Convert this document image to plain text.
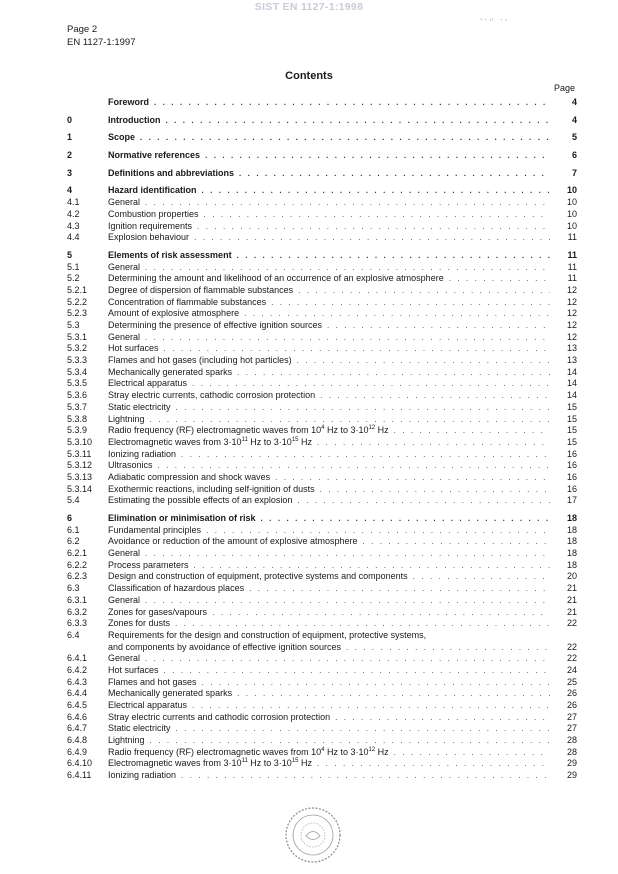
SIST EN 1127-1:1998
Page 2
EN 1127-1:1997
⸱ · ‧⸱   · ‧
Contents
Page
Foreword . . .	4
0	Introduction . . .	4
1	Scope . . .	5
2	Normative references . . .	6
3	Definitions and abbreviations . . .	7
4	Hazard identification . . .	10
4.1	General . . .	10
4.2	Combustion properties . . .	10
4.3	Ignition requirements . . .	10
4.4	Explosion behaviour . . .	11
5	Elements of risk assessment . . .	11
5.1	General . . .	11
5.2	Determining the amount and likelihood of an occurrence of an explosive atmosphere . . .	11
5.2.1	Degree of dispersion of flammable substances . . .	12
5.2.2	Concentration of flammable substances . . .	12
5.2.3	Amount of explosive atmosphere . . .	12
5.3	Determining the presence of effective ignition sources . . .	12
5.3.1	General . . .	12
5.3.2	Hot surfaces . . .	13
5.3.3	Flames and hot gases (including hot particles) . . .	13
5.3.4	Mechanically generated sparks . . .	14
5.3.5	Electrical apparatus . . .	14
5.3.6	Stray electric currents, cathodic corrosion protection . . .	14
5.3.7	Static electricity . . .	15
5.3.8	Lightning . . .	15
5.3.9	Radio frequency (RF) electromagnetic waves from $10^4$ Hz to $3\cdot 10^{12}$ Hz . . .	15
5.3.10	Electromagnetic waves from $3\cdot 10^{11}$ Hz to $3\cdot 10^{15}$ Hz . . .	15
5.3.11	Ionizing radiation . . .	16
5.3.12	Ultrasonics . . .	16
5.3.13	Adiabatic compression and shock waves . . .	16
5.3.14	Exothermic reactions, including self-ignition of dusts . . .	16
5.4	Estimating the possible effects of an explosion . . .	17
6	Elimination or minimisation of risk . . .	18
6.1	Fundamental principles . . .	18
6.2	Avoidance or reduction of the amount of explosive atmosphere . . .	18
6.2.1	General . . .	18
6.2.2	Process parameters . . .	18
6.2.3	Design and construction of equipment, protective systems and components . . .	20
6.3	Classification of hazardous places . . .	21
6.3.1	General . . .	21
6.3.2	Zones for gases/vapours . . .	21
6.3.3	Zones for dusts . . .	22
6.4	Requirements for the design and construction of equipment, protective systems,
and components by avoidance of effective ignition sources . . .	22
6.4.1	General . . .	22
6.4.2	Hot surfaces . . .	24
6.4.3	Flames and hot gases . . .	25
6.4.4	Mechanically generated sparks . . .	26
6.4.5	Electrical apparatus . . .	26
6.4.6	Stray electric currents and cathodic corrosion protection . . .	27
6.4.7	Static electricity . . .	27
6.4.8	Lightning . . .	28
6.4.9	Radio frequency (RF) electromagnetic waves from $10^4$ Hz to $3\cdot 10^{12}$ Hz . . .	28
6.4.10	Electromagnetic waves from $3\cdot 10^{11}$ Hz to $3\cdot 10^{15}$ Hz . . .	29
6.4.11	Ionizing radiation . . .	29
